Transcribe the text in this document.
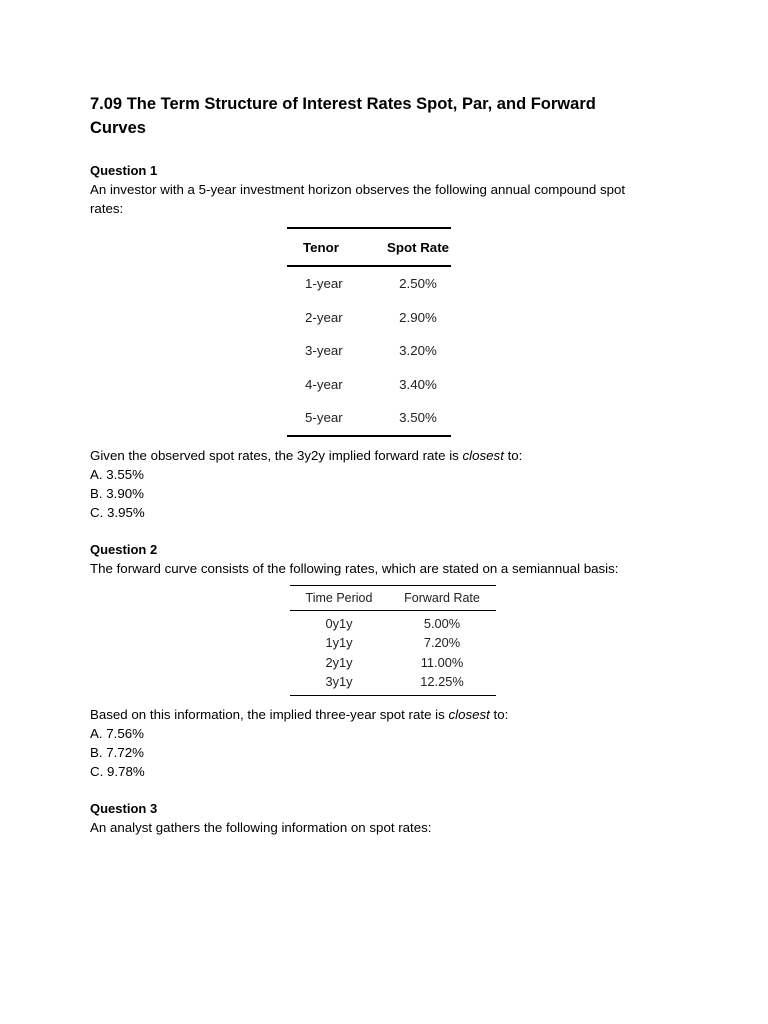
7.09 The Term Structure of Interest Rates Spot, Par, and Forward
Curves

Question 1

An investor with a 5-year investment horizon observes the following annual compound spot rates:

Tenor	Spot Rate
1-year	2.50%
2-year	2.90%
3-year	3.20%
4-year	3.40%
5-year	3.50%

Given the observed spot rates, the 3y2y implied forward rate is closest to:

A. 3.55%

B. 3.90%

C. 3.95%

Question 2

The forward curve consists of the following rates, which are stated on a semiannual basis:

Time Period	Forward Rate
0y1y	5.00%
1y1y	7.20%
2y1y	11.00%
3y1y	12.25%

Based on this information, the implied three-year spot rate is closest to:

A. 7.56%

B. 7.72%

C. 9.78%

Question 3

An analyst gathers the following information on spot rates:
